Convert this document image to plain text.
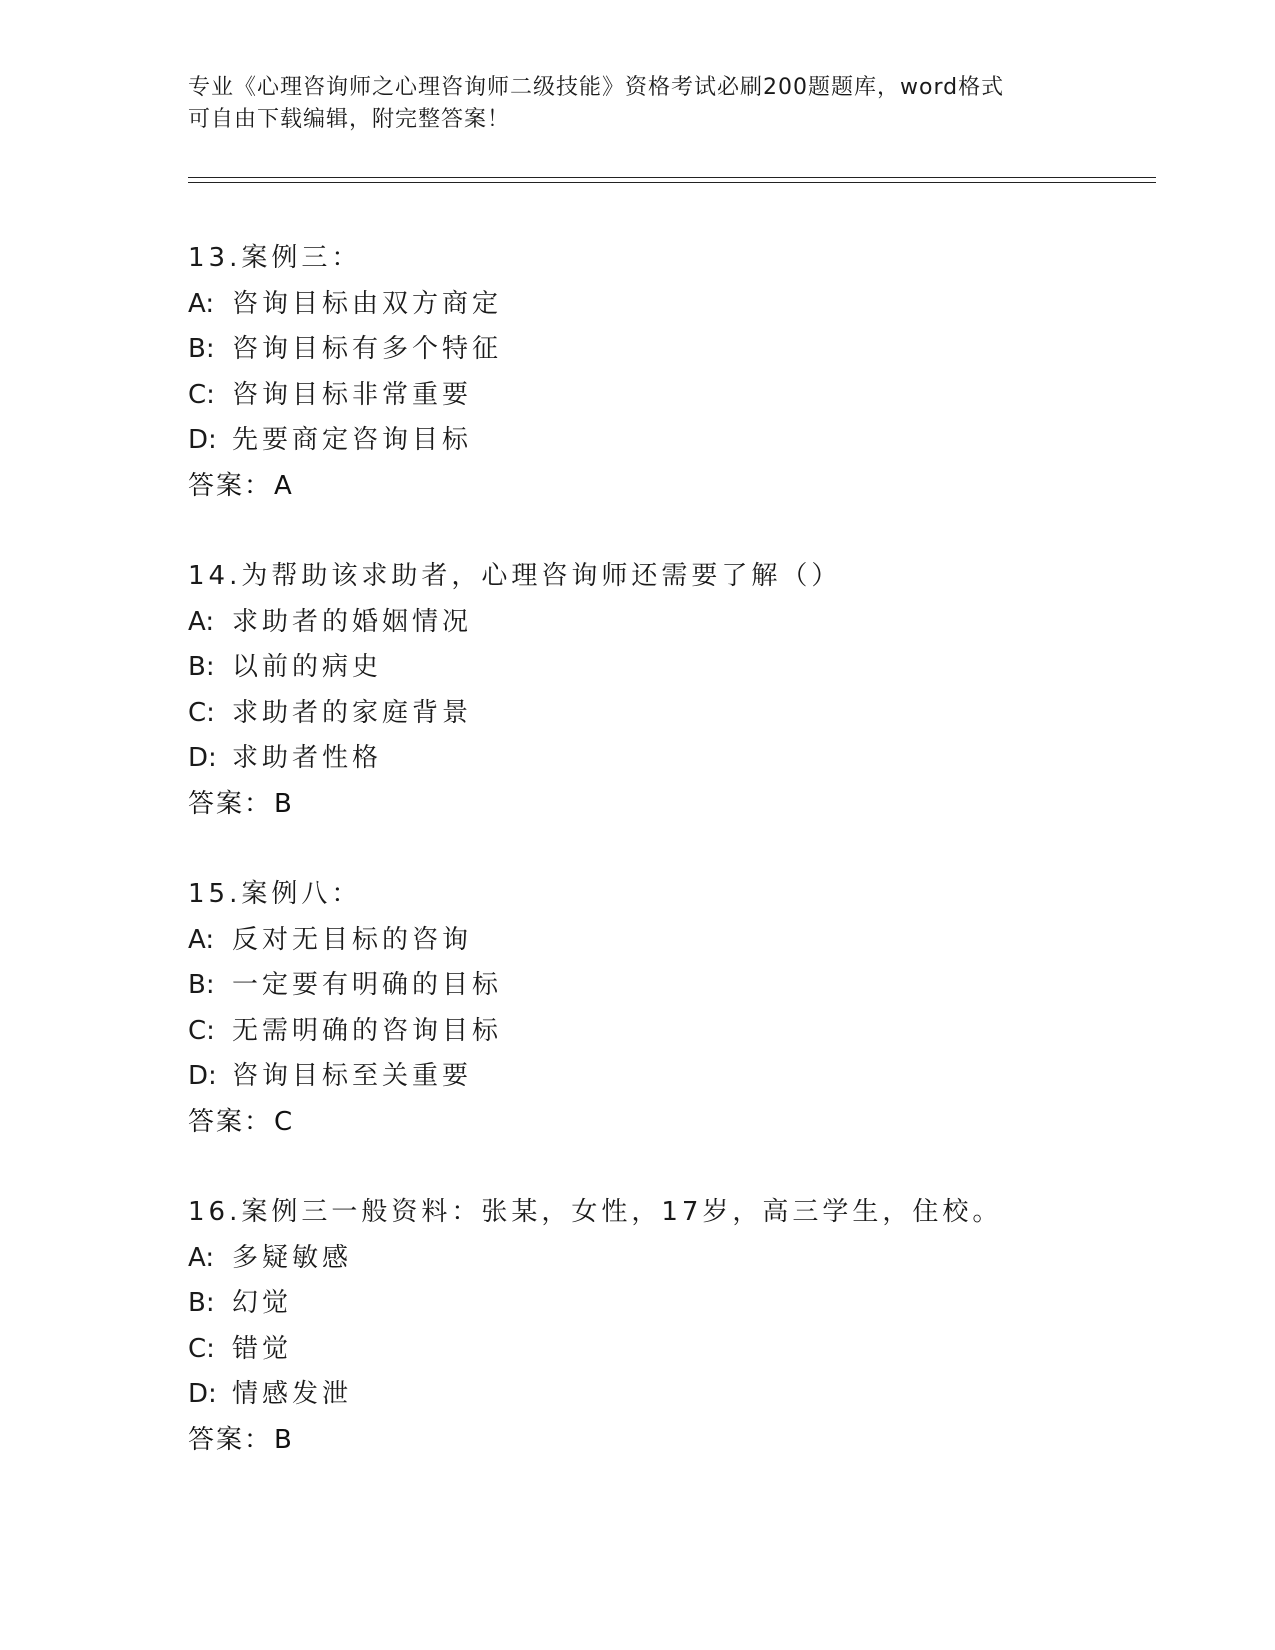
专业《心理咨询师之心理咨询师二级技能》资格考试必刷200题题库，word格式
可自由下载编辑，附完整答案！
13.案例三：
A: 咨询目标由双方商定
B: 咨询目标有多个特征
C: 咨询目标非常重要
D: 先要商定咨询目标
答案：A
14.为帮助该求助者，心理咨询师还需要了解（）
A: 求助者的婚姻情况
B: 以前的病史
C: 求助者的家庭背景
D: 求助者性格
答案：B
15.案例八：
A: 反对无目标的咨询
B: 一定要有明确的目标
C: 无需明确的咨询目标
D: 咨询目标至关重要
答案：C
16.案例三一般资料：张某，女性，17岁，高三学生，住校。
A: 多疑敏感
B: 幻觉
C: 错觉
D: 情感发泄
答案：B
